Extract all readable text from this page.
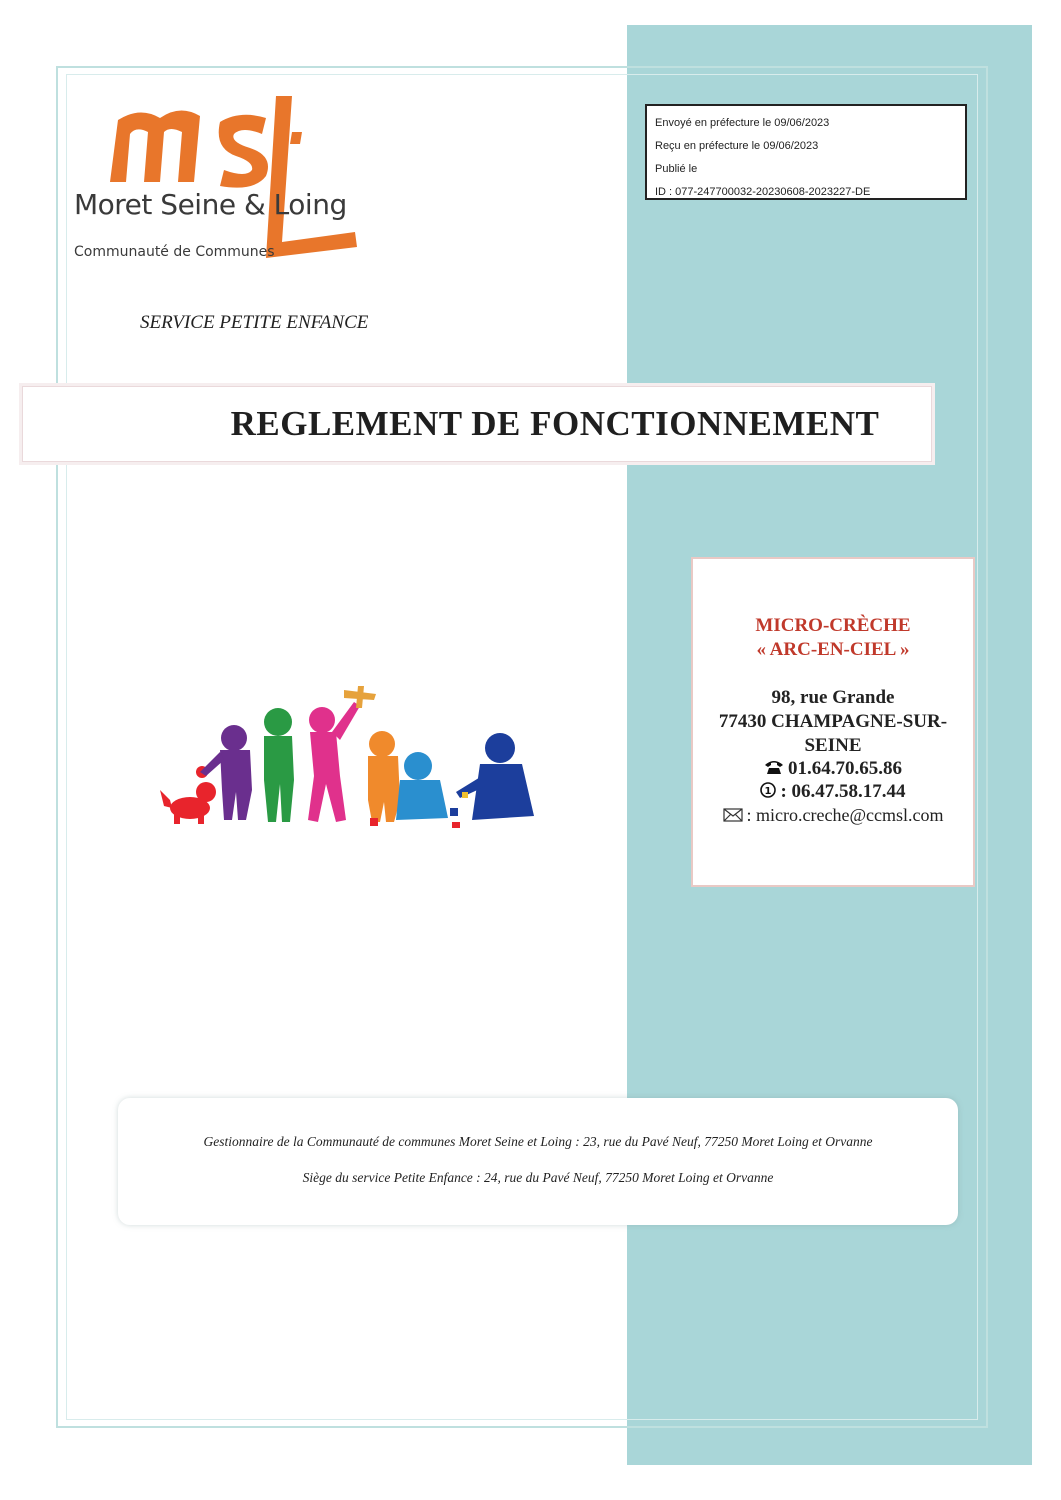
Moret Seine & Loing
Communauté de Communes
Envoyé en préfecture le 09/06/2023
Reçu en préfecture le 09/06/2023
Publié le
ID : 077-247700032-20230608-2023227-DE
SERVICE PETITE ENFANCE
REGLEMENT DE FONCTIONNEMENT
MICRO-CRÈCHE
« ARC-EN-CIEL »
98, rue Grande
77430 CHAMPAGNE-SUR-
SEINE
01.64.70.65.86
1 : 06.47.58.17.44
: micro.creche@ccmsl.com
Gestionnaire de la Communauté de communes Moret Seine et Loing : 23, rue du Pavé Neuf, 77250 Moret Loing et Orvanne
Siège du service Petite Enfance : 24, rue du Pavé Neuf, 77250 Moret Loing et Orvanne
